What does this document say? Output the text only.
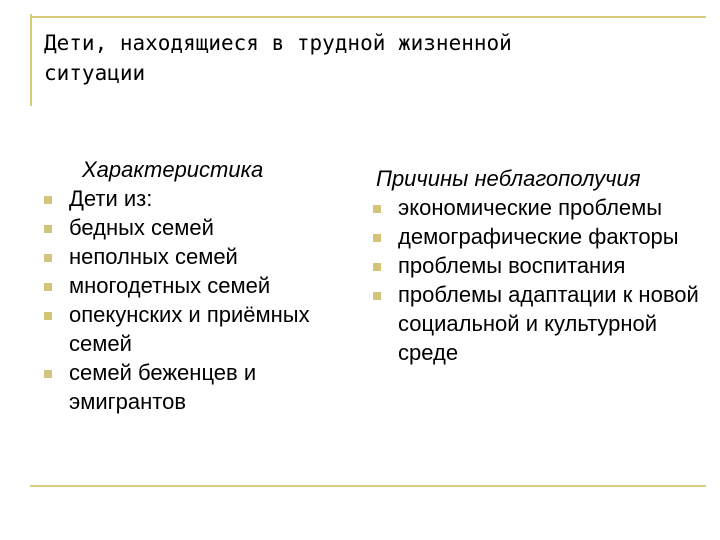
Дети, находящиеся в трудной жизненной
ситуации
Характеристика
Дети из:
бедных семей
неполных семей
многодетных семей
опекунских и приёмных семей
семей беженцев и эмигрантов
Причины неблагополучия
экономические проблемы
демографические факторы
проблемы воспитания
проблемы адаптации к новой социальной и культурной среде
